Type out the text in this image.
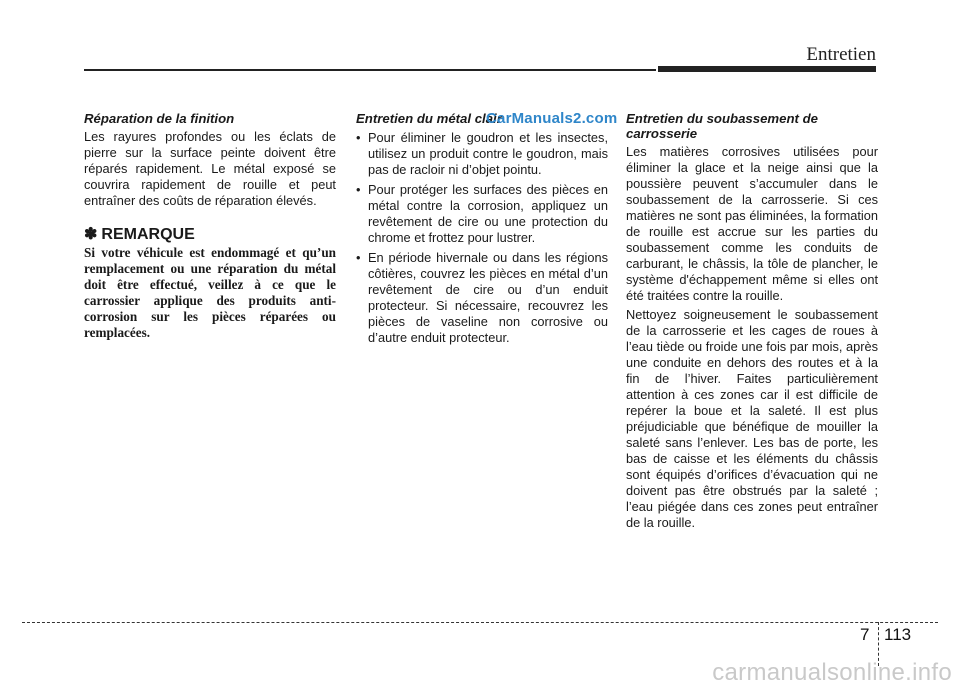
Entretien

Réparation de la finition

Les rayures profondes ou les éclats de pierre sur la surface peinte doivent être réparés rapidement. Le métal exposé se couvrira rapidement de rouille et peut entraîner des coûts de réparation élevés.

✽ REMARQUE

Si votre véhicule est endommagé et qu’un remplacement ou une réparation du métal doit être effectué, veillez à ce que le carrossier applique des produits anti-corrosion sur les pièces réparées ou remplacées.

Entretien du métal clair

• Pour éliminer le goudron et les insectes, utilisez un produit contre le goudron, mais pas de racloir ni d’objet pointu.
• Pour protéger les surfaces des pièces en métal contre la corrosion, appliquez un revêtement de cire ou une protection du chrome et frottez pour lustrer.
• En période hivernale ou dans les régions côtières, couvrez les pièces en métal d’un revêtement de cire ou d’un enduit protecteur. Si nécessaire, recouvrez les pièces de vaseline non corrosive ou d’autre enduit protecteur.

Entretien du soubassement de carrosserie

Les matières corrosives utilisées pour éliminer la glace et la neige ainsi que la poussière peuvent s’accumuler dans le soubassement de la carrosserie. Si ces matières ne sont pas éliminées, la formation de rouille est accrue sur les parties du soubassement comme les conduits de carburant, le châssis, la tôle de plancher, le système d'échappement même si elles ont été traitées contre la rouille.

Nettoyez soigneusement le soubassement de la carrosserie et les cages de roues à l’eau tiède ou froide une fois par mois, après une conduite en dehors des routes et à la fin de l’hiver. Faites particulièrement attention à ces zones car il est difficile de repérer la boue et la saleté. Il est plus préjudiciable que bénéfique de mouiller la saleté sans l’enlever. Les bas de porte, les bas de caisse et les éléments du châssis sont équipés d’orifices d’évacuation qui ne doivent pas être obstrués par la saleté ; l’eau piégée dans ces zones peut entraîner de la rouille.

CarManuals2.com
7 113
carmanualsonline.info
